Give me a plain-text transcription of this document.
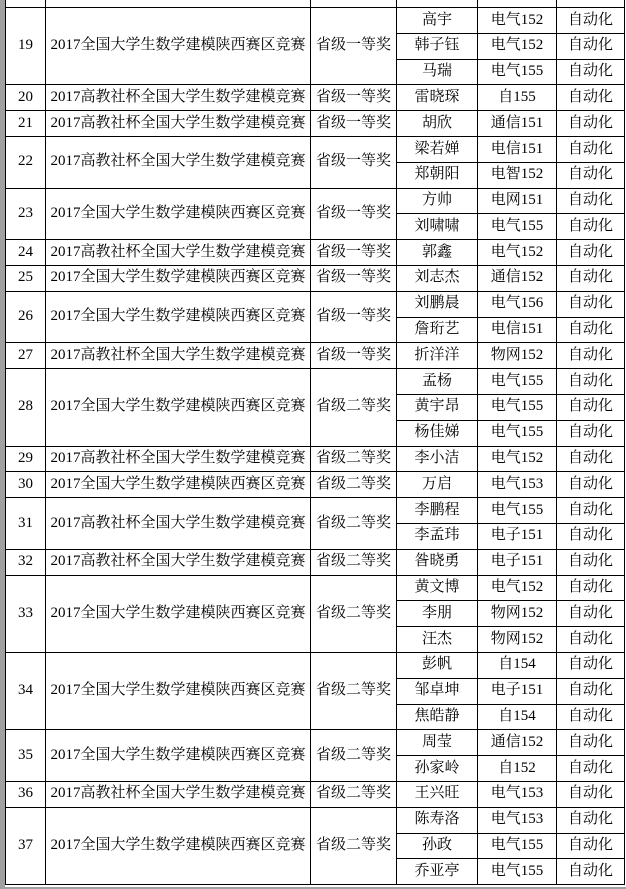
19	2017全国大学生数学建模陕西赛区竞赛	省级一等奖	高宇	电气152	自动化
			韩子钰	电气152	自动化
			马瑞	电气155	自动化
20	2017高教社杯全国大学生数学建模竞赛	省级一等奖	雷晓琛	自155	自动化
21	2017高教社杯全国大学生数学建模竞赛	省级一等奖	胡欣	通信151	自动化
22	2017高教社杯全国大学生数学建模竞赛	省级一等奖	梁若婵	电信151	自动化
			郑朝阳	电智152	自动化
23	2017全国大学生数学建模陕西赛区竞赛	省级一等奖	方帅	电网151	自动化
			刘啸啸	电气155	自动化
24	2017高教社杯全国大学生数学建模竞赛	省级一等奖	郭鑫	电气152	自动化
25	2017全国大学生数学建模陕西赛区竞赛	省级一等奖	刘志杰	通信152	自动化
26	2017全国大学生数学建模陕西赛区竞赛	省级一等奖	刘鹏晨	电气156	自动化
			詹珩艺	电信151	自动化
27	2017高教社杯全国大学生数学建模竞赛	省级一等奖	折洋洋	物网152	自动化
28	2017全国大学生数学建模陕西赛区竞赛	省级二等奖	孟杨	电气155	自动化
			黄宇昂	电气155	自动化
			杨佳娣	电气155	自动化
29	2017高教社杯全国大学生数学建模竞赛	省级二等奖	李小洁	电气152	自动化
30	2017全国大学生数学建模陕西赛区竞赛	省级二等奖	万启	电气153	自动化
31	2017高教社杯全国大学生数学建模竞赛	省级二等奖	李鹏程	电气155	自动化
			李孟玮	电子151	自动化
32	2017高教社杯全国大学生数学建模竞赛	省级二等奖	昝晓勇	电子151	自动化
33	2017全国大学生数学建模陕西赛区竞赛	省级二等奖	黄文博	电气152	自动化
			李朋	物网152	自动化
			汪杰	物网152	自动化
34	2017全国大学生数学建模陕西赛区竞赛	省级二等奖	彭帆	自154	自动化
			邹卓坤	电子151	自动化
			焦皓静	自154	自动化
35	2017全国大学生数学建模陕西赛区竞赛	省级二等奖	周莹	通信152	自动化
			孙家岭	自152	自动化
36	2017高教社杯全国大学生数学建模竞赛	省级二等奖	王兴旺	电气153	自动化
37	2017全国大学生数学建模陕西赛区竞赛	省级二等奖	陈寿洛	电气153	自动化
			孙政	电气155	自动化
			乔亚亭	电气155	自动化
